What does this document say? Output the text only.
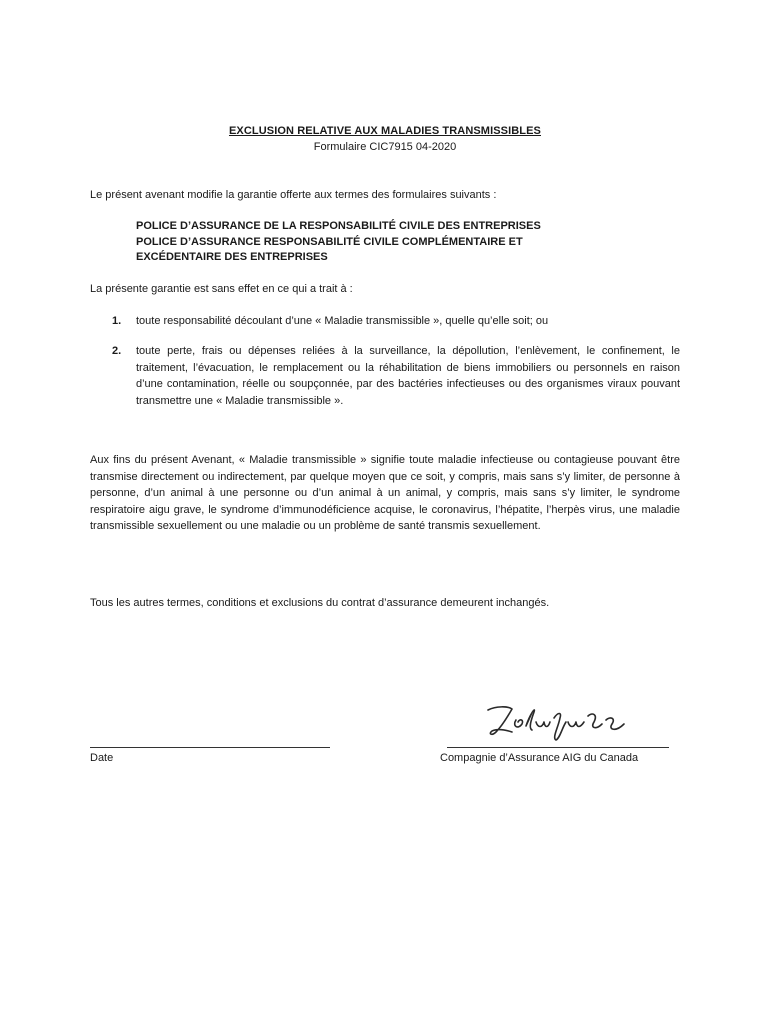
EXCLUSION RELATIVE AUX MALADIES TRANSMISSIBLES
Formulaire CIC7915 04-2020
Le présent avenant modifie la garantie offerte aux termes des formulaires suivants :
POLICE D’ASSURANCE DE LA RESPONSABILITÉ CIVILE DES ENTREPRISES
POLICE D’ASSURANCE RESPONSABILITÉ CIVILE COMPLÉMENTAIRE ET
EXCÉDENTAIRE DES ENTREPRISES
La présente garantie est sans effet en ce qui a trait à :
1.	toute responsabilité découlant d’une « Maladie transmissible », quelle qu’elle soit; ou
2.	toute perte, frais ou dépenses reliées à la surveillance, la dépollution, l’enlèvement, le confinement, le traitement, l’évacuation, le remplacement ou la réhabilitation de biens immobiliers ou personnels en raison d’une contamination, réelle ou soupçonnée, par des bactéries infectieuses ou des organismes viraux pouvant transmettre une « Maladie transmissible ».
Aux fins du présent Avenant, « Maladie transmissible » signifie toute maladie infectieuse ou contagieuse pouvant être transmise directement ou indirectement, par quelque moyen que ce soit, y compris, mais sans s’y limiter, de personne à personne, d’un animal à une personne ou d’un animal à un animal, y compris, mais sans s’y limiter, le syndrome respiratoire aigu grave, le syndrome d’immunodéficience acquise, le coronavirus, l’hépatite, l’herpès virus, une maladie transmissible sexuellement ou une maladie ou un problème de santé transmis sexuellement.
Tous les autres termes, conditions et exclusions du contrat d’assurance demeurent inchangés.
Date	Compagnie d’Assurance AIG du Canada
